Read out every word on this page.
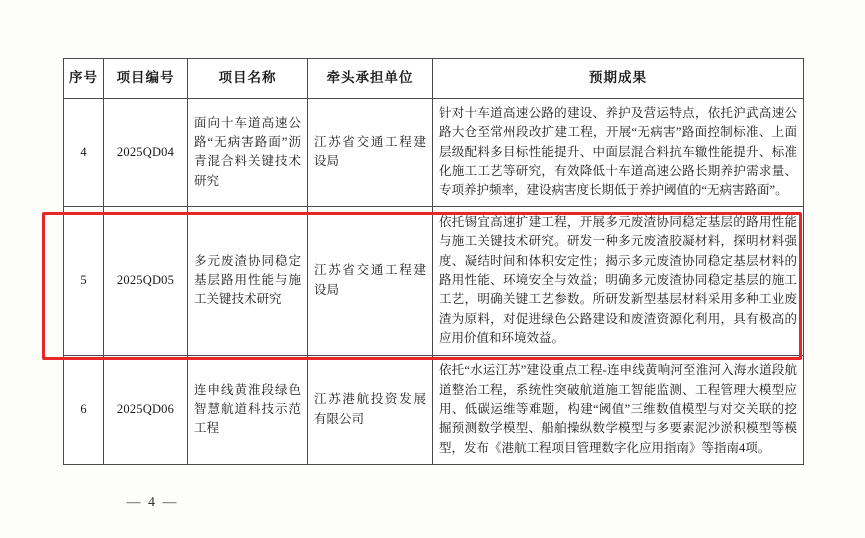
序号	项目编号	项目名称	牵头承担单位	预期成果
4	2025QD04	面向十车道高速公路“无病害路面”沥青混合料关键技术研究	江苏省交通工程建设局	针对十车道高速公路的建设、养护及营运特点，依托沪武高速公路大仓至常州段改扩建工程，开展“无病害”路面控制标准、上面层级配料多目标性能提升、中面层混合料抗车辙性能提升、标准化施工工艺等研究，有效降低十车道高速公路长期养护需求量、专项养护频率，建设病害度长期低于养护阈值的“无病害路面”。
5	2025QD05	多元废渣协同稳定基层路用性能与施工关键技术研究	江苏省交通工程建设局	依托锡宜高速扩建工程，开展多元废渣协同稳定基层的路用性能与施工关键技术研究。研发一种多元废渣胶凝材料，探明材料强度、凝结时间和体积安定性；揭示多元废渣协同稳定基层材料的路用性能、环境安全与效益；明确多元废渣协同稳定基层的施工工艺，明确关键工艺参数。所研发新型基层材料采用多种工业废渣为原料，对促进绿色公路建设和废渣资源化利用，具有极高的应用价值和环境效益。
6	2025QD06	连申线黄淮段绿色智慧航道科技示范工程	江苏港航投资发展有限公司	依托“水运江苏”建设重点工程-连申线黄响河至淮河入海水道段航道整治工程，系统性突破航道施工智能监测、工程管理大模型应用、低碳运维等难题，构建“阈值”三维数值模型与对交关联的挖掘预测数学模型、船舶操纵数学模型与多要素泥沙淤积模型等模型，发布《港航工程项目管理数字化应用指南》等指南4项。
— 4 —
